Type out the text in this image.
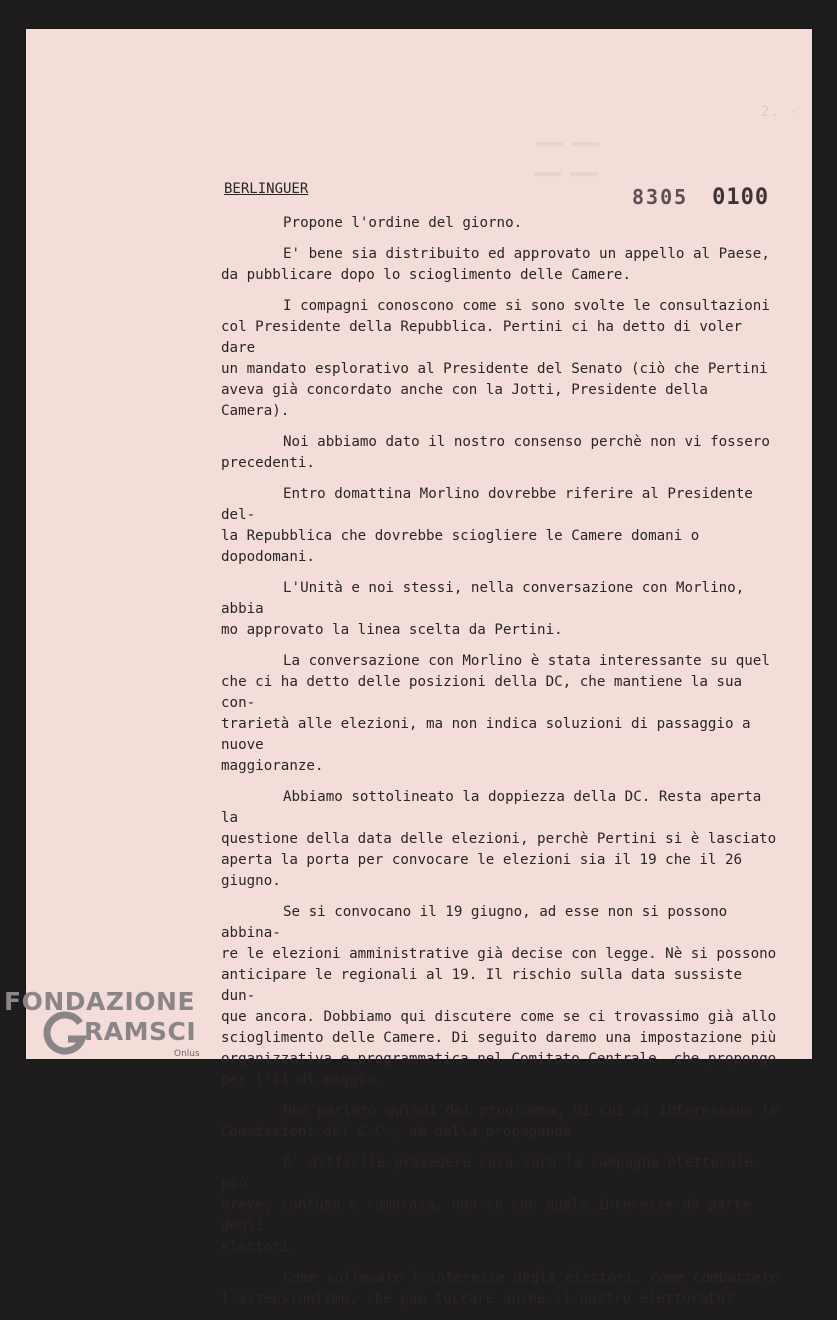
2. -
▬▬▬ ▬▬▬
▬▬▬ ▬▬▬
8305 0100
BERLINGUER
Propone l'ordine del giorno.
E' bene sia distribuito ed approvato un appello al Paese,
da pubblicare dopo lo scioglimento delle Camere.
I compagni conoscono come si sono svolte le consultazioni
col Presidente della Repubblica. Pertini ci ha detto di voler dare
un mandato esplorativo al Presidente del Senato (ciò che Pertini
aveva già concordato anche con la Jotti, Presidente della Camera).
Noi abbiamo dato il nostro consenso perchè non vi fossero
precedenti.
Entro domattina Morlino dovrebbe riferire al Presidente del-
la Repubblica che dovrebbe sciogliere le Camere domani o dopodomani.
L'Unità e noi stessi, nella conversazione con Morlino, abbia
mo approvato la linea scelta da Pertini.
La conversazione con Morlino è stata interessante su quel
che ci ha detto delle posizioni della DC, che mantiene la sua con-
trarietà alle elezioni, ma non indica soluzioni di passaggio a nuove
maggioranze.
Abbiamo sottolineato la doppiezza della DC. Resta aperta la
questione della data delle elezioni, perchè Pertini si è lasciato
aperta la porta per convocare le elezioni sia il 19 che il 26 giugno.
Se si convocano il 19 giugno, ad esse non si possono abbina-
re le elezioni amministrative già decise con legge. Nè si possono
anticipare le regionali al 19. Il rischio sulla data sussiste dun-
que ancora. Dobbiamo qui discutere come se ci trovassimo già allo
scioglimento delle Camere. Di seguito daremo una impostazione più
organizzativa e programmatica nel Comitato Centrale, che propongo
per l'11 di maggio.
Non parlerò quindi del programma, di cui si interessano le
Commissioni del C.C., nè della propaganda.
E' difficile prevedere cosa sarà la campagna elettorale, più
breve, confusa e rumorosa, non so con quale interesse da parte degli
elettori.
Come sollevare l'interesse degli elettori, come combattere
l'astensionismo, che può toccare anche il nostro elettorato?
FONDAZIONE
RAMSCI
Onlus
